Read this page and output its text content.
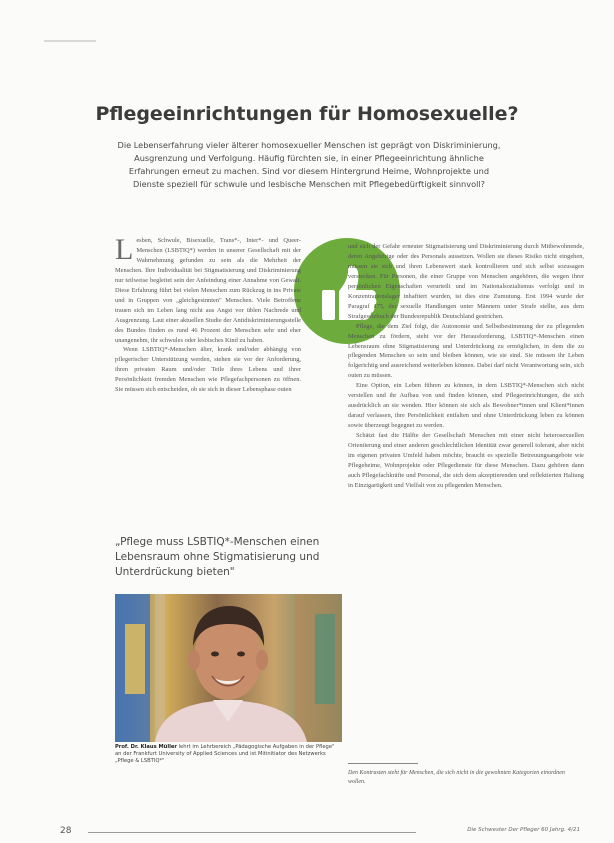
Pflegeeinrichtungen für Homosexuelle?
Die Lebenserfahrung vieler älterer homosexueller Menschen ist geprägt von Diskriminierung, Ausgrenzung und Verfolgung. Häufig fürchten sie, in einer Pflegeeinrichtung ähnliche Erfahrungen erneut zu machen. Sind vor diesem Hintergrund Heime, Wohnprojekte und Dienste speziell für schwule und lesbische Menschen mit Pflegebedürftigkeit sinnvoll?

L esben, Schwule, Bisexuelle, Trans*-, Inter*- und Queer-Menschen (LSBTIQ*) werden in unserer Gesellschaft mit der Wahrnehmung gefunden zu sein als die Mehrheit der Menschen. Ihre Individualität bei Stigmatisierung und Diskriminierung nur teilweise begleitet sein der Anfeindung einer Annahme von Gewalt. Diese Erfahrung führt bei vielen Menschen zum Rückzug in ins Private und in Gruppen von „gleichgesinnten" Menschen. Viele Betroffene trauen sich im Leben lang nicht aus Angst vor üblen Nachrede und Ausgrenzung. Laut einer aktuellen Studie der Antidiskriminierungsstelle des Bundes finden es rund 46 Prozent der Menschen sehr und eher unangenehm, ihr schwules oder lesbisches Kind zu haben.

Wenn LSBTIQ*-Menschen älter, krank und/oder abhängig von pflegerischer Unterstützung werden, stehen sie vor der Anforderung, ihren privaten Raum und/oder Teile ihres Lebens und ihrer Persönlichkeit fremden Menschen wie Pflegefachpersonen zu öffnen. Sie müssen sich entscheiden, ob sie sich in dieser Lebensphase outen

und sich der Gefahr erneuter Stigmatisierung und Diskriminierung durch Mitbewohnende, deren Angehörige oder des Personals aussetzen. Wollen sie dieses Risiko nicht eingehen, müssen sie sich und ihren Lebenswert stark kontrollieren und sich selbst sozusagen verstecken. Für Personen, die einer Gruppe von Menschen angehören, die wegen ihrer persönlichen Eigenschaften verurteilt und im Nationalsozialismus verfolgt und in Konzentrationslager inhaftiert wurden, ist dies eine Zumutung. Erst 1994 wurde der Paragraf 175, der sexuelle Handlungen unter Männern unter Strafe stellte, aus dem Strafgesetzbuch der Bundesrepublik Deutschland gestrichen.

Pflege, die dem Ziel folgt, die Autonomie und Selbstbestimmung der zu pflegenden Menschen zu fördern, steht vor der Herausforderung, LSBTIQ*-Menschen einen Lebensraum ohne Stigmatisierung und Unterdrückung zu ermöglichen, in dem die zu pflegenden Menschen so sein und bleiben können, wie sie sind. Sie müssen ihr Leben folgerichtig und ausreichend weiterleben können. Dabei darf nicht Verantwortung sein, sich outen zu müssen.

Eine Option, ein Leben führen zu können, in dem LSBTIQ*-Menschen sich nicht verstellen und ihr Aufbau von und finden können, sind Pflegeeinrichtungen, die sich ausdrücklich an sie wenden. Hier können sie sich als Bewohner*innen und Klient*innen darauf verlassen, ihre Persönlichkeit entfalten und ohne Unterdrückung leben zu können sowie überzeugt begegnet zu werden.

Schätzt fast die Hälfte der Gesellschaft Menschen mit einer nicht heterosexuellen Orientierung und einer anderen geschlechtlichen Identität zwar generell tolerant, aber nicht im eigenen privaten Umfeld haben möchte, braucht es spezielle Betreuungsangebote wie Pflegeheime, Wohnprojekte oder Pflegedienste für diese Menschen. Dazu gehören dann auch Pflegefachkräfte und Personal, die sich dem akzeptierenden und reflektierten Haltung in Einzigartigkeit und Vielfalt von zu pflegenden Menschen.

„Pflege muss LSBTIQ*-Menschen einen Lebensraum ohne Stigmatisierung und Unterdrückung bieten"
Prof. Dr. Klaus Müller lehrt im Lehrbereich „Pädagogische Aufgaben in der Pflege" an der Frankfurt University of Applied Sciences und ist Mitinitiator des Netzwerks „Pflege & LSBTIQ*"
Den Kontrasten steht für Menschen, die sich nicht in die gewohnten Kategorien einordnen wollen.
28	Die Schwester Der Pfleger 60 Jahrg. 4/21
